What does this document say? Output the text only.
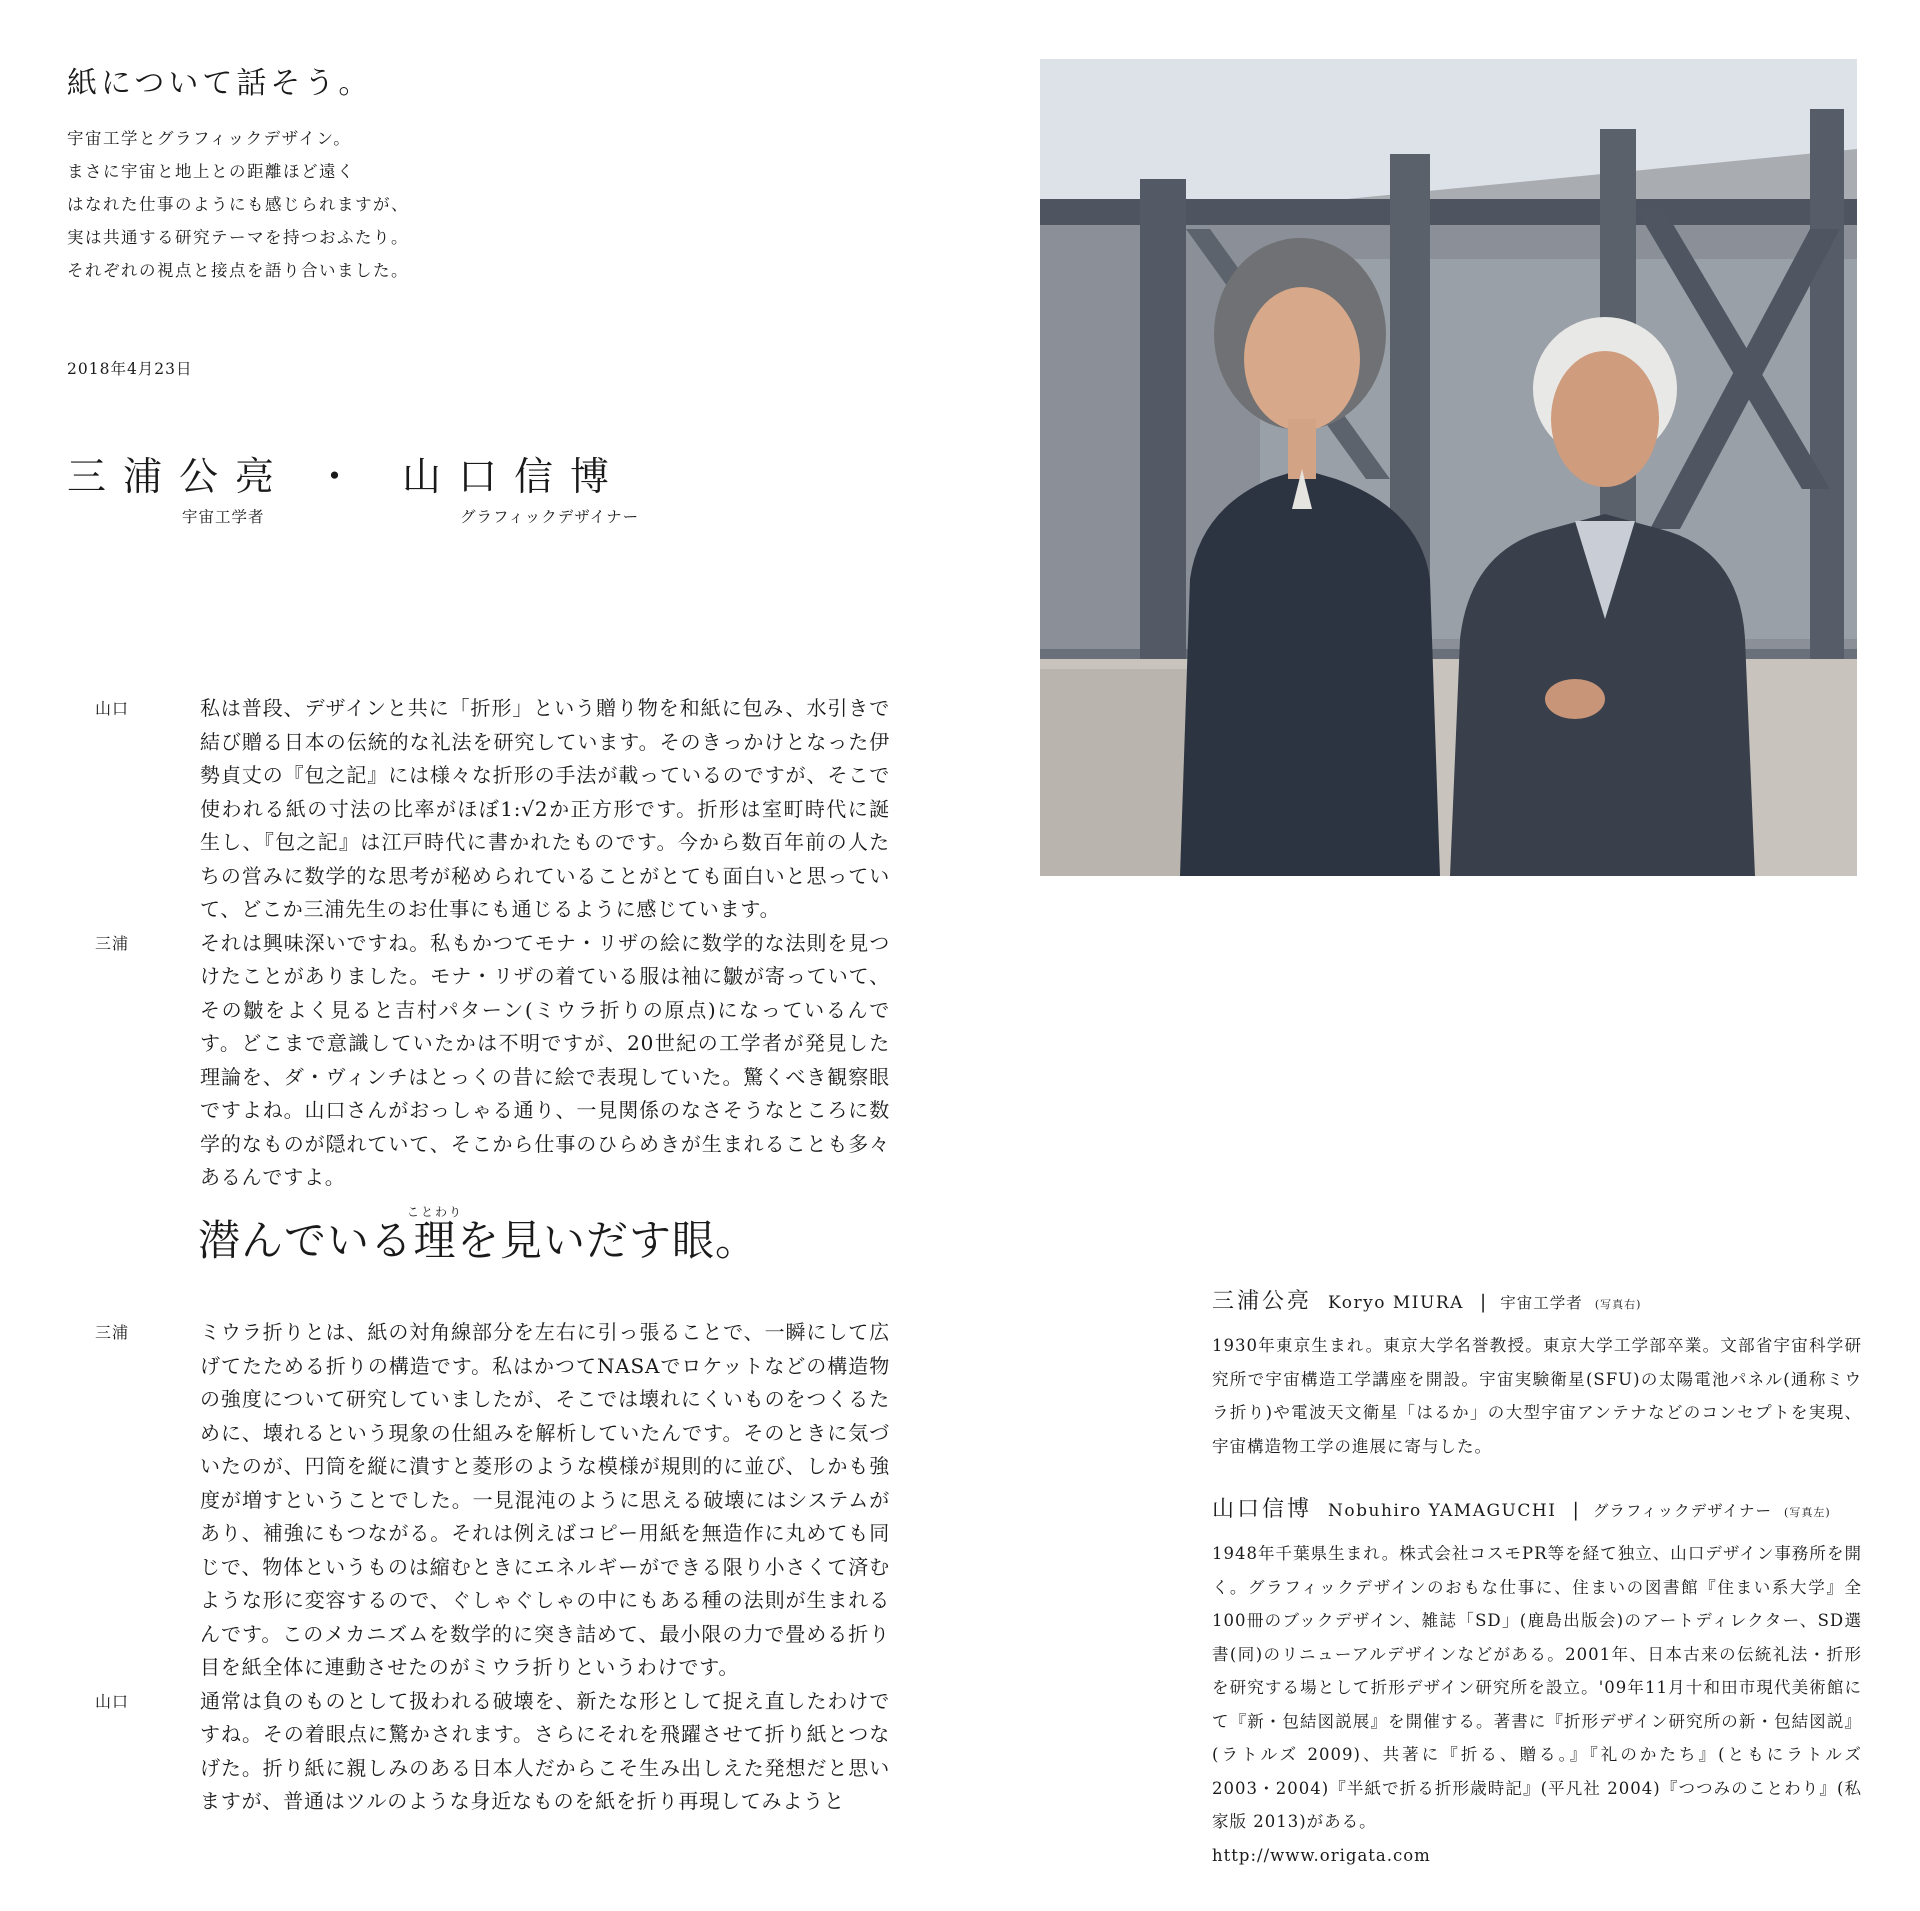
紙について話そう。
宇宙工学とグラフィックデザイン。
まさに宇宙と地上との距離ほど遠く
はなれた仕事のようにも感じられますが、
実は共通する研究テーマを持つおふたり。
それぞれの視点と接点を語り合いました。
2018年4月23日
三浦公亮 ・ 山口信博
宇宙工学者	グラフィックデザイナー
山口	私は普段、デザインと共に「折形」という贈り物を和紙に包み、水引きで結び贈る日本の伝統的な礼法を研究しています。そのきっかけとなった伊勢貞丈の『包之記』には様々な折形の手法が載っているのですが、そこで使われる紙の寸法の比率がほぼ1:√2か正方形です。折形は室町時代に誕生し、『包之記』は江戸時代に書かれたものです。今から数百年前の人たちの営みに数学的な思考が秘められていることがとても面白いと思っていて、どこか三浦先生のお仕事にも通じるように感じています。
三浦	それは興味深いですね。私もかつてモナ・リザの絵に数学的な法則を見つけたことがありました。モナ・リザの着ている服は袖に皺が寄っていて、その皺をよく見ると吉村パターン(ミウラ折りの原点)になっているんです。どこまで意識していたかは不明ですが、20世紀の工学者が発見した理論を、ダ・ヴィンチはとっくの昔に絵で表現していた。驚くべき観察眼ですよね。山口さんがおっしゃる通り、一見関係のなさそうなところに数学的なものが隠れていて、そこから仕事のひらめきが生まれることも多々あるんですよ。
潜んでいる理ことわりを見いだす眼。
三浦	ミウラ折りとは、紙の対角線部分を左右に引っ張ることで、一瞬にして広げてたためる折りの構造です。私はかつてNASAでロケットなどの構造物の強度について研究していましたが、そこでは壊れにくいものをつくるために、壊れるという現象の仕組みを解析していたんです。そのときに気づいたのが、円筒を縦に潰すと菱形のような模様が規則的に並び、しかも強度が増すということでした。一見混沌のように思える破壊にはシステムがあり、補強にもつながる。それは例えばコピー用紙を無造作に丸めても同じで、物体というものは縮むときにエネルギーができる限り小さくて済むような形に変容するので、ぐしゃぐしゃの中にもある種の法則が生まれるんです。このメカニズムを数学的に突き詰めて、最小限の力で畳める折り目を紙全体に連動させたのがミウラ折りというわけです。
山口	通常は負のものとして扱われる破壊を、新たな形として捉え直したわけですね。その着眼点に驚かされます。さらにそれを飛躍させて折り紙とつなげた。折り紙に親しみのある日本人だからこそ生み出しえた発想だと思いますが、普通はツルのような身近なものを紙を折り再現してみようと
三浦公亮 Koryo MIURA | 宇宙工学者 (写真右)
1930年東京生まれ。東京大学名誉教授。東京大学工学部卒業。文部省宇宙科学研究所で宇宙構造工学講座を開設。宇宙実験衛星(SFU)の太陽電池パネル(通称ミウラ折り)や電波天文衛星「はるか」の大型宇宙アンテナなどのコンセプトを実現、宇宙構造物工学の進展に寄与した。
山口信博 Nobuhiro YAMAGUCHI | グラフィックデザイナー (写真左)
1948年千葉県生まれ。株式会社コスモPR等を経て独立、山口デザイン事務所を開く。グラフィックデザインのおもな仕事に、住まいの図書館『住まい系大学』全100冊のブックデザイン、雑誌「SD」(鹿島出版会)のアートディレクター、SD選書(同)のリニューアルデザインなどがある。2001年、日本古来の伝統礼法・折形を研究する場として折形デザイン研究所を設立。'09年11月十和田市現代美術館にて『新・包結図説展』を開催する。著書に『折形デザイン研究所の新・包結図説』(ラトルズ 2009)、共著に『折る、贈る。』『礼のかたち』(ともにラトルズ 2003・2004)『半紙で折る折形歳時記』(平凡社 2004)『つつみのことわり』(私家版 2013)がある。
http://www.origata.com
